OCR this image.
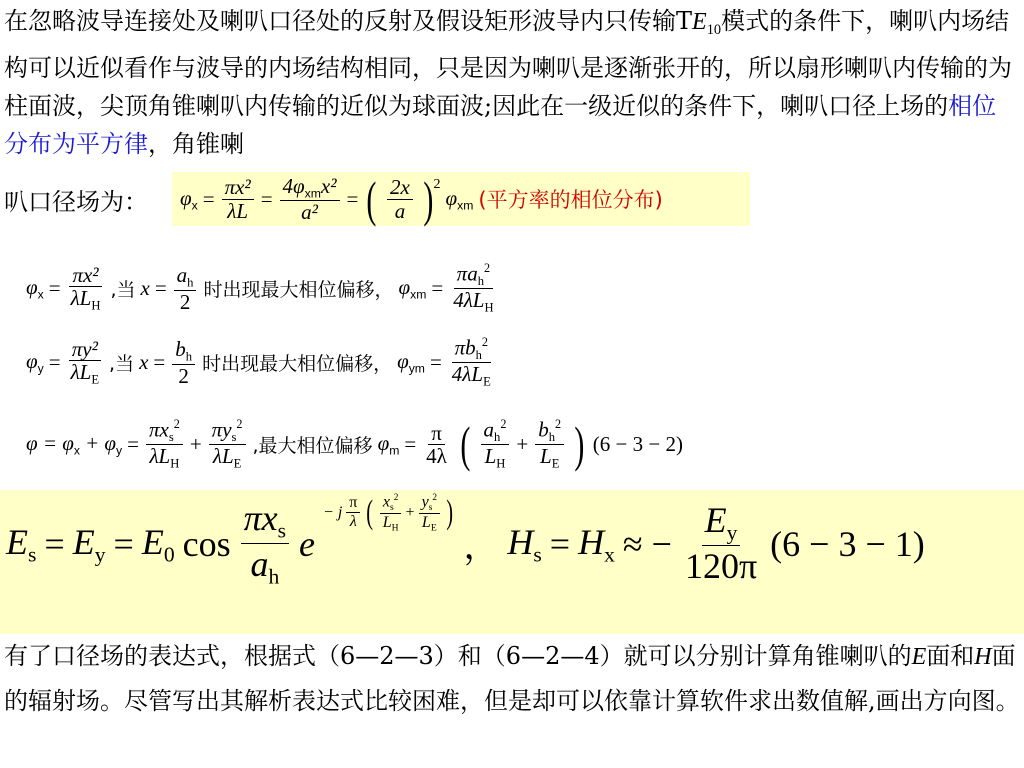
在忽略波导连接处及喇叭口径处的反射及假设矩形波导内只传输$TE_{10}$模式的条件下，喇叭内场结构可以近似看作与波导的内场结构相同，只是因为喇叭是逐渐张开的，所以扇形喇叭内传输的为柱面波，尖顶角锥喇叭内传输的近似为球面波;因此在一级近似的条件下，喇叭口径上场的相位分布为平方律，角锥喇

叭口径场为： $\varphi_x = \frac{\text{πx²}}{\lambda L} = \frac{4\varphi_{xm}x^2}{\text{a²}}$ = ( $\frac{2x}{a}$ ) 2
$\varphi_{xm}$ (平方率的相位分布)
$\varphi_x = \frac{\text{πx²}}{\lambda L_H}$ ,当 $x = \frac{a_h}{2}$ 时出现最大相位偏移， $\varphi_{xm} = \frac{\pi a_h^2}{4\lambda L_H}$
$\varphi_y = \frac{\text{πy²}}{\lambda L_E}$ ,当 $x = \frac{b_h}{2}$ 时出现最大相位偏移， $\varphi_{ym} = \frac{\pi b_h^2}{4\lambda L_E}$
$\varphi = \varphi_x + \varphi_y = \frac{\pi x_s^2}{\lambda L_H} + \frac{\pi y_s^2}{\lambda L_E}$ ,最大相位偏移 $\varphi_m = \frac{\pi}{4\lambda}$ ( $\frac{a_h^2}{L_H} + \frac{b_h^2}{L_E}$ ) (6 − 3 − 2)
$E_s = E_y = E_0$ $\cos \frac{\pi x_s}{a_h}$ e
− j $\frac{\pi}{\lambda}$ ( $\frac{x_s^2}{L_H} + \frac{y_s^2}{L_E}$ )
， $H_s = H_x$ ≈ − $\frac{E_y}{120\pi} (6 - 3 - 1)$

有了口径场的表达式，根据式（6—2—3）和（6—2—4）就可以分别计算角锥喇叭的E面和H面的辐射场。尽管写出其解析表达式比较困难，但是却可以依靠计算软件求出数值解,画出方向图。
